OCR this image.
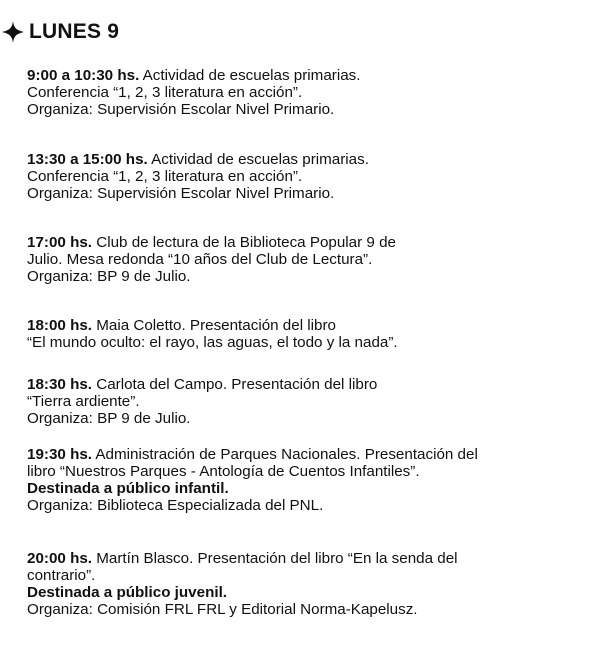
LUNES 9
9:00 a 10:30 hs. Actividad de escuelas primarias.
Conferencia “1, 2, 3 literatura en acción”.
Organiza: Supervisión Escolar Nivel Primario.
13:30 a 15:00 hs. Actividad de escuelas primarias.
Conferencia “1, 2, 3 literatura en acción”.
Organiza: Supervisión Escolar Nivel Primario.
17:00 hs. Club de lectura de la Biblioteca Popular 9 de
Julio. Mesa redonda “10 años del Club de Lectura”.
Organiza: BP 9 de Julio.
18:00 hs. Maia Coletto. Presentación del libro
“El mundo oculto: el rayo, las aguas, el todo y la nada”.
18:30 hs. Carlota del Campo. Presentación del libro
“Tierra ardiente”.
Organiza: BP 9 de Julio.
19:30 hs. Administración de Parques Nacionales. Presentación del
libro “Nuestros Parques - Antología de Cuentos Infantiles”.
Destinada a público infantil.
Organiza: Biblioteca Especializada del PNL.
20:00 hs. Martín Blasco. Presentación del libro “En la senda del
contrario”.
Destinada a público juvenil.
Organiza: Comisión FRL FRL y Editorial Norma-Kapelusz.
